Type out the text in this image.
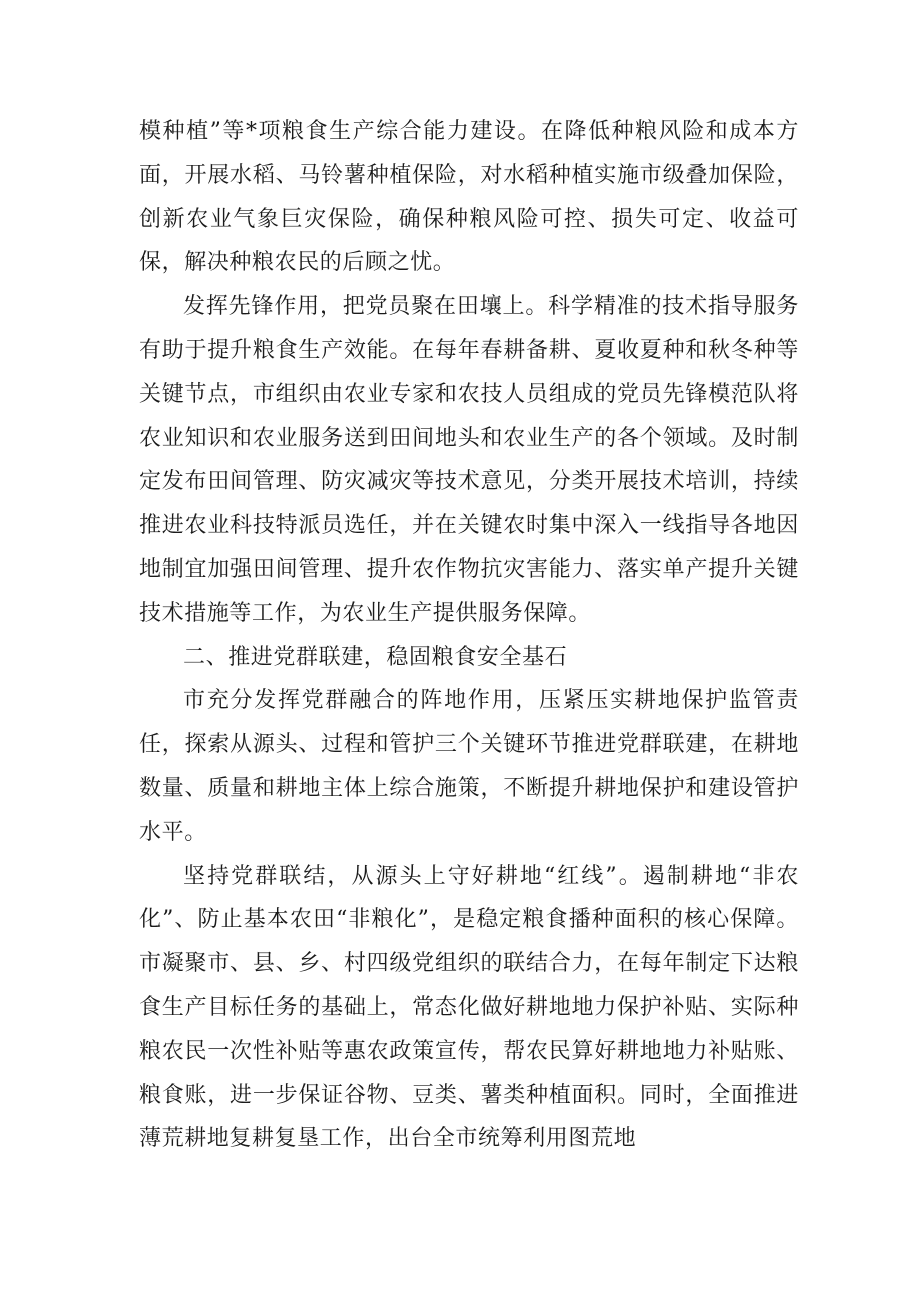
模种植”等*项粮食生产综合能力建设。在降低种粮风险和成本方面，开展水稻、马铃薯种植保险，对水稻种植实施市级叠加保险，创新农业气象巨灾保险，确保种粮风险可控、损失可定、收益可保，解决种粮农民的后顾之忧。

发挥先锋作用，把党员聚在田壤上。科学精准的技术指导服务有助于提升粮食生产效能。在每年春耕备耕、夏收夏种和秋冬种等关键节点，市组织由农业专家和农技人员组成的党员先锋模范队将农业知识和农业服务送到田间地头和农业生产的各个领域。及时制定发布田间管理、防灾减灾等技术意见，分类开展技术培训，持续推进农业科技特派员选任，并在关键农时集中深入一线指导各地因地制宜加强田间管理、提升农作物抗灾害能力、落实单产提升关键技术措施等工作，为农业生产提供服务保障。

二、推进党群联建，稳固粮食安全基石

市充分发挥党群融合的阵地作用，压紧压实耕地保护监管责任，探索从源头、过程和管护三个关键环节推进党群联建，在耕地数量、质量和耕地主体上综合施策，不断提升耕地保护和建设管护水平。

坚持党群联结，从源头上守好耕地“红线”。遏制耕地“非农化”、防止基本农田“非粮化”，是稳定粮食播种面积的核心保障。市凝聚市、县、乡、村四级党组织的联结合力，在每年制定下达粮食生产目标任务的基础上，常态化做好耕地地力保护补贴、实际种粮农民一次性补贴等惠农政策宣传，帮农民算好耕地地力补贴账、粮食账，进一步保证谷物、豆类、薯类种植面积。同时，全面推进薄荒耕地复耕复垦工作，出台全市统筹利用图荒地
